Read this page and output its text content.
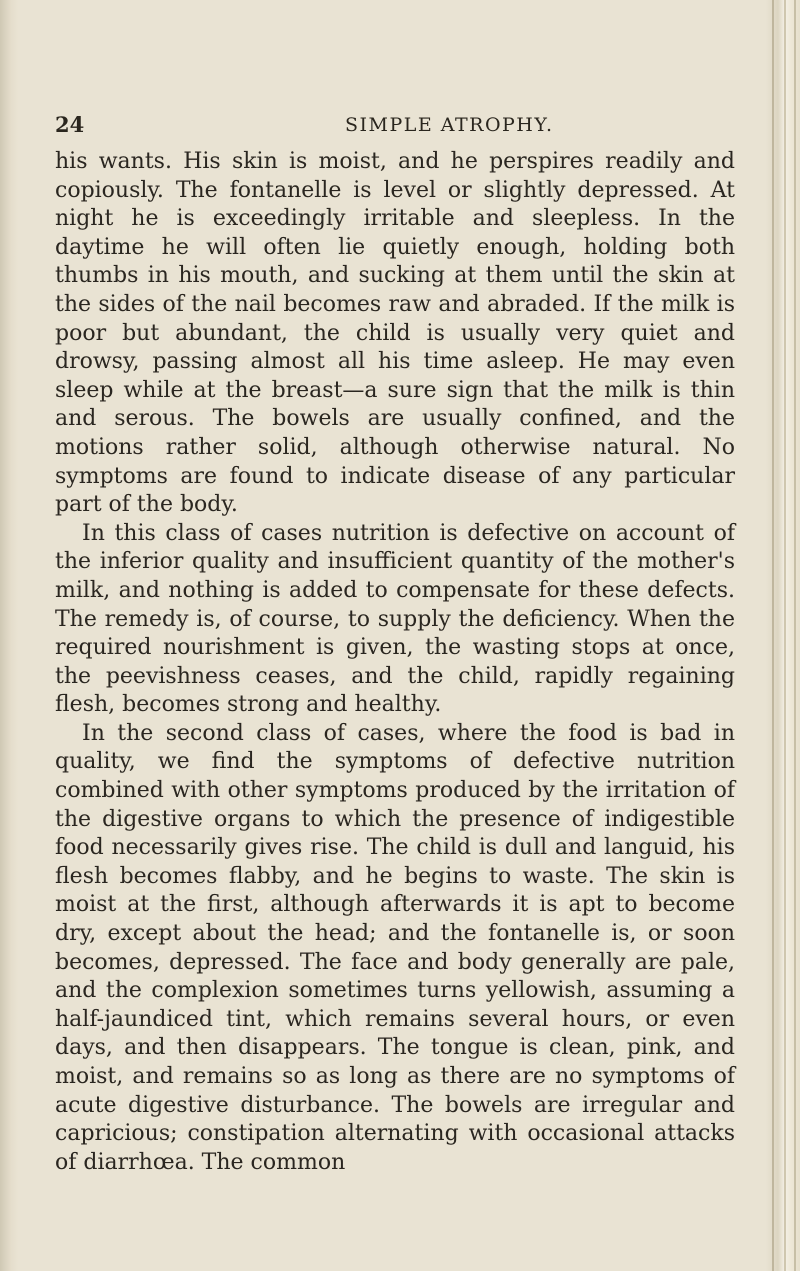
24	SIMPLE ATROPHY.

his wants. His skin is moist, and he perspires readily and copiously. The fontanelle is level or slightly depressed. At night he is exceedingly irritable and sleepless. In the daytime he will often lie quietly enough, holding both thumbs in his mouth, and sucking at them until the skin at the sides of the nail becomes raw and abraded. If the milk is poor but abundant, the child is usually very quiet and drowsy, passing almost all his time asleep. He may even sleep while at the breast—a sure sign that the milk is thin and serous. The bowels are usually confined, and the motions rather solid, although otherwise natural. No symptoms are found to indicate disease of any particular part of the body.

In this class of cases nutrition is defective on account of the inferior quality and insufficient quantity of the mother's milk, and nothing is added to compensate for these defects. The remedy is, of course, to supply the deficiency. When the required nourishment is given, the wasting stops at once, the peevishness ceases, and the child, rapidly regaining flesh, becomes strong and healthy.

In the second class of cases, where the food is bad in quality, we find the symptoms of defective nutrition combined with other symptoms produced by the irritation of the digestive organs to which the presence of indigestible food necessarily gives rise. The child is dull and languid, his flesh becomes flabby, and he begins to waste. The skin is moist at the first, although afterwards it is apt to become dry, except about the head; and the fontanelle is, or soon becomes, depressed. The face and body generally are pale, and the complexion sometimes turns yellowish, assuming a half-jaundiced tint, which remains several hours, or even days, and then disappears. The tongue is clean, pink, and moist, and remains so as long as there are no symptoms of acute digestive disturbance. The bowels are irregular and capricious; constipation alternating with occasional attacks of diarrhœa. The common
